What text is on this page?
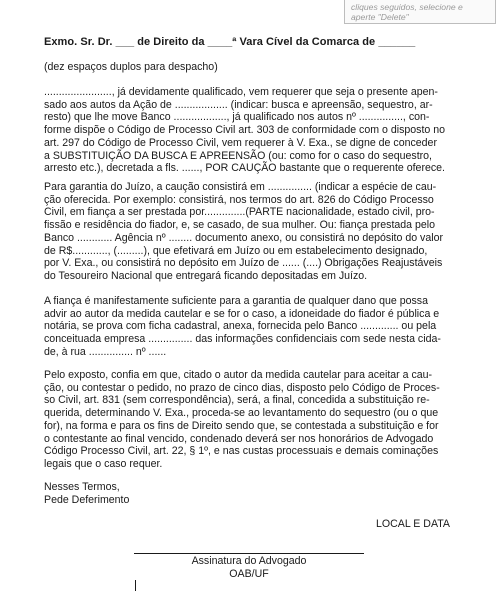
cliques seguidos, selecione e
aperte "Delete"
Exmo. Sr. Dr. ___ de Direito da ____ª Vara Cível da Comarca de ______
(dez espaços duplos para despacho)
......................., já devidamente qualificado, vem requerer que seja o presente apen-
sado aos autos da Ação de .................. (indicar: busca e apreensão, sequestro, ar-
resto) que lhe move Banco .................., já qualificado nos autos nº ..............., con-
forme dispõe o Código de Processo Civil art. 303 de conformidade com o disposto no
art. 297 do Código de Processo Civil, vem requerer à V. Exa., se digne de conceder
a SUBSTITUIÇÃO DA BUSCA E APREENSÃO (ou: como for o caso do sequestro,
arresto etc.), decretada a fls. ......, POR CAUÇÃO bastante que o requerente oferece.
Para garantia do Juízo, a caução consistirá em ............... (indicar a espécie de cau-
ção oferecida. Por exemplo: consistirá, nos termos do art. 826 do Código Processo
Civil, em fiança a ser prestada por..............(PARTE nacionalidade, estado civil, pro-
fissão e residência do fiador, e, se casado, de sua mulher. Ou: fiança prestada pelo
Banco ............ Agência nº ........ documento anexo, ou consistirá no depósito do valor
de R$............, (.........), que efetivará em Juízo ou em estabelecimento designado,
por V. Exa., ou consistirá no depósito em Juízo de ...... (....) Obrigações Reajustáveis
do Tesoureiro Nacional que entregará ficando depositadas em Juízo.
A fiança é manifestamente suficiente para a garantia de qualquer dano que possa
advir ao autor da medida cautelar e se for o caso, a idoneidade do fiador é pública e
notária, se prova com ficha cadastral, anexa, fornecida pelo Banco ............. ou pela
conceituada empresa ............... das informações confidenciais com sede nesta cida-
de, à rua ............... nº ......
Pelo exposto, confia em que, citado o autor da medida cautelar para aceitar a cau-
ção, ou contestar o pedido, no prazo de cinco dias, disposto pelo Código de Proces-
so Civil, art. 831 (sem correspondência), será, a final, concedida a substituição re-
querida, determinando V. Exa., proceda-se ao levantamento do sequestro (ou o que
for), na forma e para os fins de Direito sendo que, se contestada a substituição e for
o contestante ao final vencido, condenado deverá ser nos honorários de Advogado
Código Processo Civil, art. 22, § 1º, e nas custas processuais e demais cominações
legais que o caso requer.
Nesses Termos,
Pede Deferimento
LOCAL E DATA
Assinatura do Advogado
OAB/UF
